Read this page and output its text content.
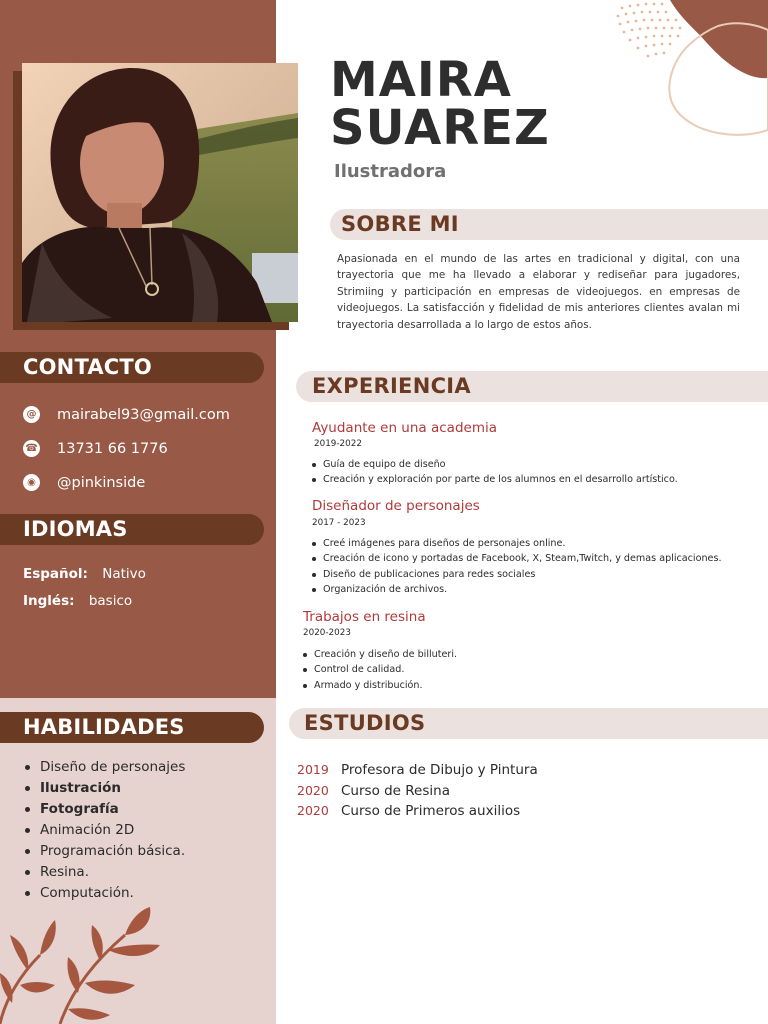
CONTACTO
@ mairabel93@gmail.com
☎ 13731 66 1776
◉ @pinkinside
IDIOMAS
Español: Nativo
Inglés: basico
HABILIDADES
Diseño de personajes
Ilustración
Fotografía
Animación 2D
Programación básica.
Resina.
Computación.
MAIRA
SUAREZ
Ilustradora
SOBRE MI

Apasionada en el mundo de las artes en tradicional y digital, con una trayectoria que me ha llevado a elaborar y rediseñar para jugadores, Strimiing y participación en empresas de videojuegos. en empresas de videojuegos. La satisfacción y fidelidad de mis anteriores clientes avalan mi trayectoria desarrollada a lo largo de estos años.

EXPERIENCIA
Ayudante en una academia
2019-2022
Guía de equipo de diseño
Creación y exploración por parte de los alumnos en el desarrollo artístico.
Diseñador de personajes
2017 - 2023
Creé imágenes para diseños de personajes online.
Creación de icono y portadas de Facebook, X, Steam,Twitch, y demas aplicaciones.
Diseño de publicaciones para redes sociales
Organización de archivos.
Trabajos en resina
2020-2023
Creación y diseño de billuteri.
Control de calidad.
Armado y distribución.
ESTUDIOS
2019 Profesora de Dibujo y Pintura
2020 Curso de Resina
2020 Curso de Primeros auxilios
